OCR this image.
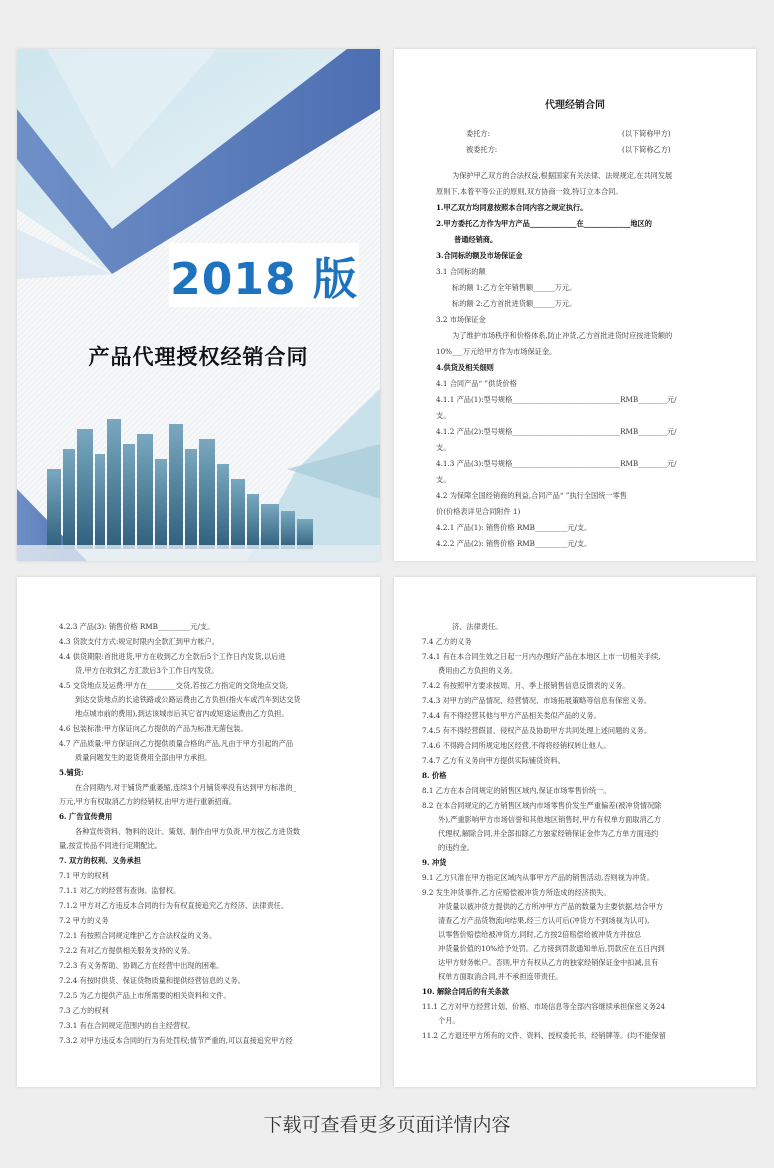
2018 版
产品代理授权经销合同
代理经销合同
委托方:	(以下简称甲方)
被委托方:	(以下简称乙方)
为保护甲乙双方的合法权益,根据国家有关法律、法规规定,在共同发展
原则下,本着平等公正的原则,双方协商一致,特订立本合同。
1.甲乙双方均同意按照本合同内容之规定执行。
2.甲方委托乙方作为甲方产品_____________在_____________地区的
普通经销商。
3.合同标的额及市场保证金
3.1 合同标的额
标的额 1:乙方全年销售额______万元。
标的额 2:乙方首批进货额______万元。
3.2 市场保证金
为了维护市场秩序和价格体系,防止冲货,乙方首批进货时应按进货额的
10%___万元给甲方作为市场保证金。
4.供货及相关细则
4.1 合同产品“ ”供货价格
4.1.1 产品(1):型号规格______________________________RMB________元/
支。
4.1.2 产品(2):型号规格______________________________RMB________元/
支。
4.1.3 产品(3):型号规格______________________________RMB________元/
支。
4.2 为保障全国经销商的利益,合同产品“ ”执行全国统一零售
价(价格表详见合同附件 1)
4.2.1 产品(1): 销售价格 RMB_________元/支。
4.2.2 产品(2): 销售价格 RMB_________元/支。
4.2.3 产品(3): 销售价格 RMB_________元/支。
4.3 货款支付方式:规定时限内全款汇到甲方帐户。
4.4 供货期限:首批进货,甲方在收到乙方全款后5个工作日内发货,以后进
货,甲方在收到乙方汇款后3个工作日内发货。
4.5 交货地点及运费:甲方在________交货,若按乙方指定的交货地点交货,
到达交货地点的长途铁路或公路运费由乙方负担(指火车或汽车到达交货
地点城市前的费用),到达该城市后其它省内或短途运费由乙方负担。
4.6 包装标准:甲方保证向乙方提供的产品为标准无菌包装。
4.7 产品质量:甲方保证向乙方提供质量合格的产品,凡由于甲方引起的产品
质量问题发生的退货费用全部由甲方承担。
5.铺货:
在合同期内,对于铺货严重萎缩,连续3个月铺货率没有达到甲方标准的_
万元,甲方有权取消乙方的经销权,由甲方进行重新招商。
6. 广告宣传费用
各种宣传资料、物料的设计、策划、制作由甲方负责,甲方按乙方进货数
量,按宣传品不同进行定期配比。
7. 双方的权利、义务承担
7.1 甲方的权利
7.1.1 对乙方的经营有查询、监督权。
7.1.2 甲方对乙方违反本合同的行为有权直接追究乙方经济、法律责任。
7.2 甲方的义务
7.2.1 有按照合同规定维护乙方合法权益的义务。
7.2.2 有对乙方提供相关服务支持的义务。
7.2.3 有义务帮助、协调乙方在经营中出现的困难。
7.2.4 有按时供货、保证货物质量和提供经营信息的义务。
7.2.5 为乙方提供产品上市所需要的相关资料和文件。
7.3 乙方的权利
7.3.1 有在合同规定范围内的自主经营权。
7.3.2 对甲方违反本合同的行为有处罚权;情节严重的,可以直接追究甲方经
济、法律责任。
7.4 乙方的义务
7.4.1 有在本合同生效之日起一月内办理好产品在本地区上市一切相关手续,
费用由乙方负担的义务。
7.4.2 有按照甲方要求按周、月、季上报销售信息反馈表的义务。
7.4.3 对甲方的产品情况、经营情况、市场拓展策略等信息有保密义务。
7.4.4 有不得经营其他与甲方产品相关类似产品的义务。
7.4.5 有不得经营假冒、侵权产品及协助甲方共同处理上述问题的义务。
7.4.6 不得跨合同所规定地区经营,不得将经销权转让他人。
7.4.7 乙方有义务向甲方提供实际铺货资料。
8. 价格
8.1 乙方在本合同规定的销售区域内,保证市场零售价统一。
8.2 在本合同规定的乙方销售区域内市场零售价发生严重偏差(被冲货情况除
外),严重影响甲方市场信誉和其他地区销售时,甲方有权单方面取消乙方
代理权,解除合同,并全部扣除乙方独家经销保证金作为乙方单方面违约
的违约金。
9. 冲货
9.1 乙方只准在甲方指定区域内从事甲方产品的销售活动,否则视为冲货。
9.2 发生冲货事件,乙方应赔偿被冲货方所造成的经济损失。
冲货量以被冲货方提供的乙方所冲甲方产品的数量为主要依据,结合甲方
清查乙方产品货物流向结果,经三方认可后(冲货方不到场视为认可),
以零售价赔偿给被冲货方,同时,乙方按2倍赔偿给被冲货方并按总
冲货量价值的10%给予处罚。乙方接到罚款通知单后,罚款应在五日内到
达甲方财务帐户。否则,甲方有权从乙方的独家经销保证金中扣减,且有
权单方面取消合同,并不承担连带责任。
10. 解除合同后的有关条款
11.1 乙方对甲方经营计划、价格、市场信息等全部内容继续承担保密义务24
个月。
11.2 乙方退还甲方所有的文件、资料、授权委托书、经销牌等。(均不能保留
下载可查看更多页面详情内容
